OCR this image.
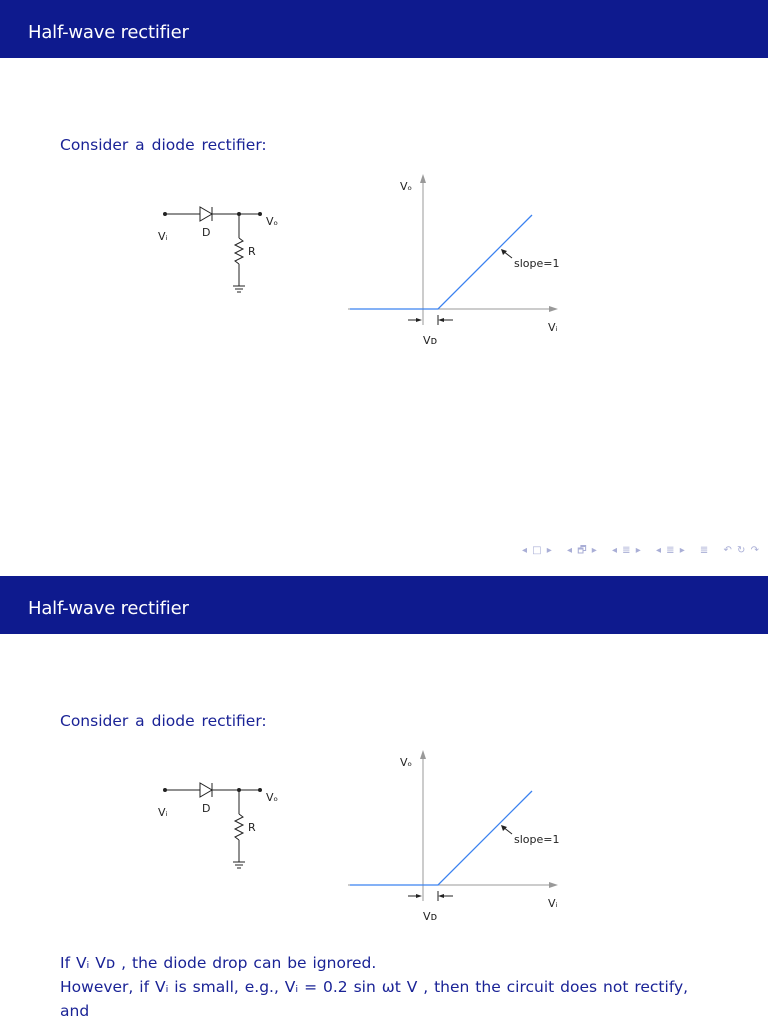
Half-wave rectifier
Consider a diode rectifier:
Vᵢ	D
R
Vₒ
Vₒ
Vᵢ
Vᴅ
slope=1
◂ □ ▸ ◂ 🗗 ▸ ◂ ≣ ▸ ◂ ≣ ▸ ≣ ↶ ↻ ↷
Half-wave rectifier
Consider a diode rectifier:
Vᵢ	D
R
Vₒ
Vₒ
Vᵢ
Vᴅ
slope=1
If Vᵢ Vᴅ , the diode drop can be ignored.
However, if Vᵢ is small, e.g., Vᵢ = 0.2 sin ωt V , then the circuit does not rectify,
and
